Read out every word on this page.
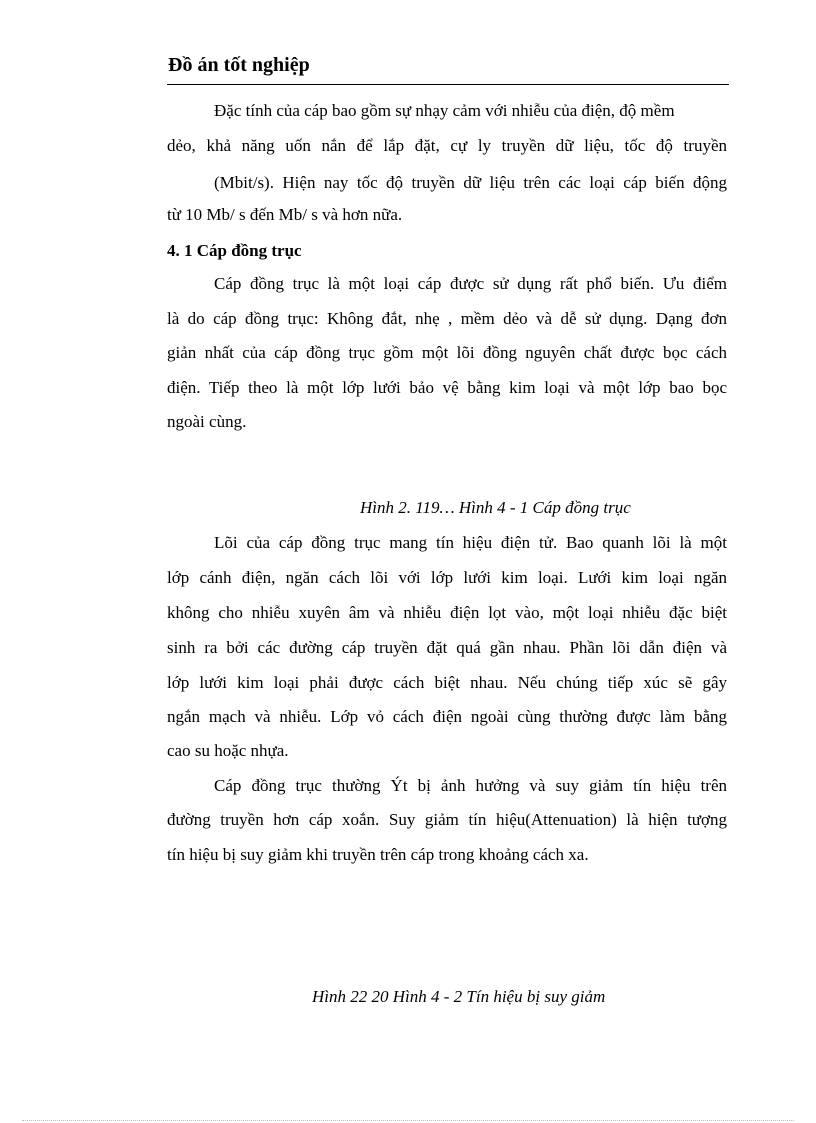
Đồ án tốt nghiệp
Đặc tính của cáp bao gồm sự nhạy cảm với nhiễu của điện, độ mềm
dẻo, khả năng uốn nắn để lắp đặt, cự ly truyền dữ liệu, tốc độ truyền
(Mbit/s). Hiện nay tốc độ truyền dữ liệu trên các loại cáp biến động
từ 10 Mb/ s đến Mb/ s và hơn nữa.
4. 1 Cáp đồng trục
Cáp đồng trục là một loại cáp được sử dụng rất phổ biến. Ưu điểm
là do cáp đồng trục: Không đắt, nhẹ , mềm dẻo và dễ sử dụng. Dạng đơn
giản nhất của cáp đồng trục gồm một lõi đồng nguyên chất được bọc cách
điện. Tiếp theo là một lớp lưới bảo vệ bằng kim loại và một lớp bao bọc
ngoài cùng.
Hình 2. 119… Hình 4 - 1 Cáp đồng trục
Lõi của cáp đồng trục mang tín hiệu điện tử. Bao quanh lõi là một
lớp cánh điện, ngăn cách lõi với lớp lưới kim loại. Lưới kim loại ngăn
không cho nhiễu xuyên âm và nhiễu điện lọt vào, một loại nhiễu đặc biệt
sinh ra bởi các đường cáp truyền đặt quá gần nhau. Phần lõi dẫn điện và
lớp lưới kim loại phải được cách biệt nhau. Nếu chúng tiếp xúc sẽ gây
ngắn mạch và nhiễu. Lớp vỏ cách điện ngoài cùng thường được làm bằng
cao su hoặc nhựa.
Cáp đồng trục thường Ýt bị ảnh hưởng và suy giảm tín hiệu trên
đường truyền hơn cáp xoắn. Suy giảm tín hiệu(Attenuation) là hiện tượng
tín hiệu bị suy giảm khi truyền trên cáp trong khoảng cách xa.
Hình 22 20 Hình 4 - 2 Tín hiệu bị suy giảm
